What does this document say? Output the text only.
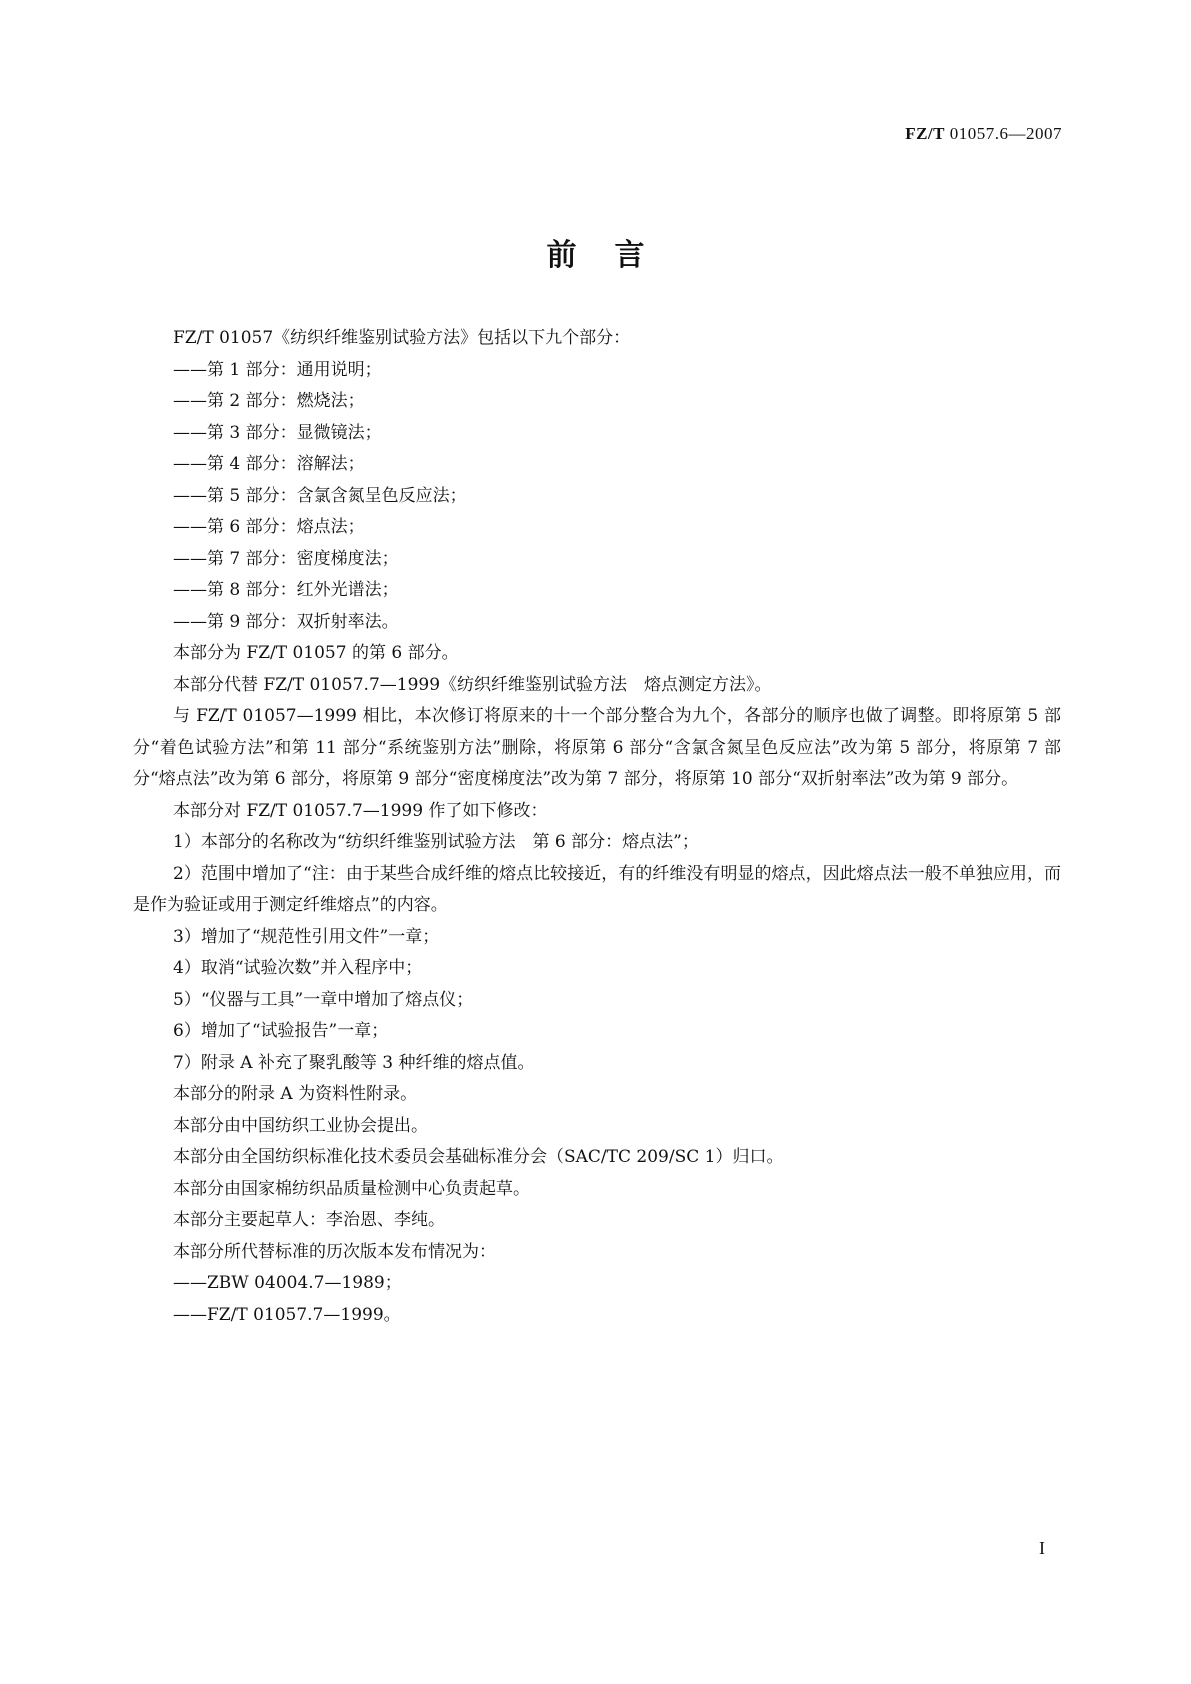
FZ/T 01057.6—2007
前言

FZ/T 01057《纺织纤维鉴别试验方法》包括以下九个部分：

——第 1 部分：通用说明；

——第 2 部分：燃烧法；

——第 3 部分：显微镜法；

——第 4 部分：溶解法；

——第 5 部分：含氯含氮呈色反应法；

——第 6 部分：熔点法；

——第 7 部分：密度梯度法；

——第 8 部分：红外光谱法；

——第 9 部分：双折射率法。

本部分为 FZ/T 01057 的第 6 部分。

本部分代替 FZ/T 01057.7—1999《纺织纤维鉴别试验方法　熔点测定方法》。

与 FZ/T 01057—1999 相比，本次修订将原来的十一个部分整合为九个，各部分的顺序也做了调整。即将原第 5 部分“着色试验方法”和第 11 部分“系统鉴别方法”删除，将原第 6 部分“含氯含氮呈色反应法”改为第 5 部分，将原第 7 部分“熔点法”改为第 6 部分，将原第 9 部分“密度梯度法”改为第 7 部分，将原第 10 部分“双折射率法”改为第 9 部分。

本部分对 FZ/T 01057.7—1999 作了如下修改：

1）本部分的名称改为“纺织纤维鉴别试验方法　第 6 部分：熔点法”；

2）范围中增加了“注：由于某些合成纤维的熔点比较接近，有的纤维没有明显的熔点，因此熔点法一般不单独应用，而是作为验证或用于测定纤维熔点”的内容。

3）增加了“规范性引用文件”一章；

4）取消“试验次数”并入程序中；

5）“仪器与工具”一章中增加了熔点仪；

6）增加了“试验报告”一章；

7）附录 A 补充了聚乳酸等 3 种纤维的熔点值。

本部分的附录 A 为资料性附录。

本部分由中国纺织工业协会提出。

本部分由全国纺织标准化技术委员会基础标准分会（SAC/TC 209/SC 1）归口。

本部分由国家棉纺织品质量检测中心负责起草。

本部分主要起草人：李治恩、李纯。

本部分所代替标准的历次版本发布情况为：

——ZBW 04004.7—1989；

——FZ/T 01057.7—1999。

I
